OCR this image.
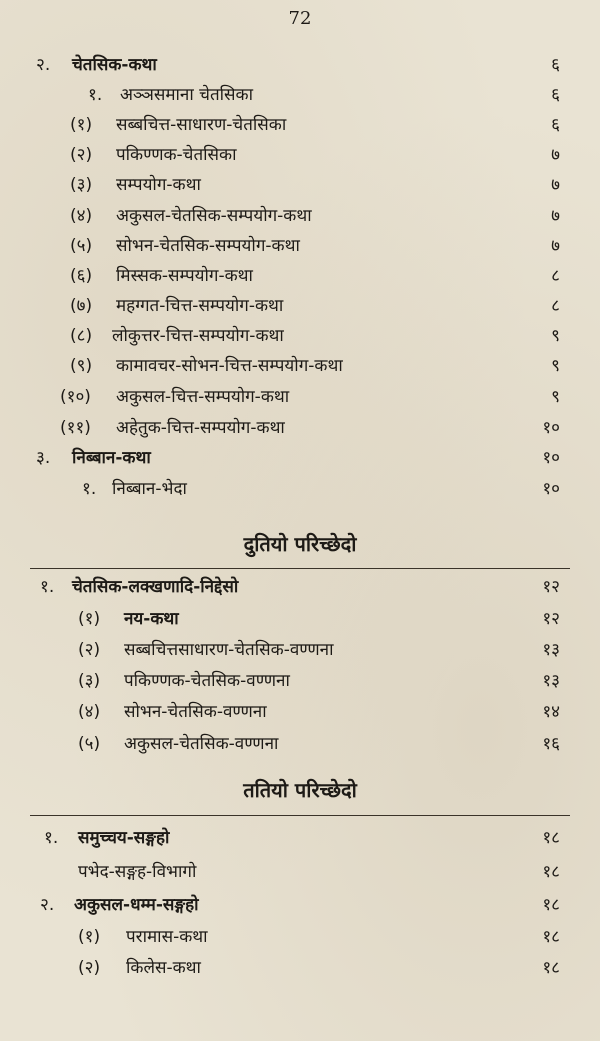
72
२. चेतसिक-कथा	६
१. अञ्ञसमाना चेतसिका	६
(१) सब्बचित्त-साधारण-चेतसिका	६
(२) पकिण्णक-चेतसिका	७
(३) सम्पयोग-कथा	७
(४) अकुसल-चेतसिक-सम्पयोग-कथा	७
(५) सोभन-चेतसिक-सम्पयोग-कथा	७
(६) मिस्सक-सम्पयोग-कथा	८
(७) महग्गत-चित्त-सम्पयोग-कथा	८
(८) लोकुत्तर-चित्त-सम्पयोग-कथा	९
(९) कामावचर-सोभन-चित्त-सम्पयोग-कथा	९
(१०) अकुसल-चित्त-सम्पयोग-कथा	९
(११) अहेतुक-चित्त-सम्पयोग-कथा	१०
३. निब्बान-कथा	१०
१. निब्बान-भेदा	१०
दुतियो परिच्छेदो
१. चेतसिक-लक्खणादि-निद्देसो	१२
(१) नय-कथा	१२
(२) सब्बचित्तसाधारण-चेतसिक-वण्णना	१३
(३) पकिण्णक-चेतसिक-वण्णना	१३
(४) सोभन-चेतसिक-वण्णना	१४
(५) अकुसल-चेतसिक-वण्णना	१६
ततियो परिच्छेदो
१. समुच्चय-सङ्गहो	१८
पभेद-सङ्गह-विभागो	१८
२. अकुसल-धम्म-सङ्गहो	१८
(१) परामास-कथा	१८
(२) किलेस-कथा	१८
